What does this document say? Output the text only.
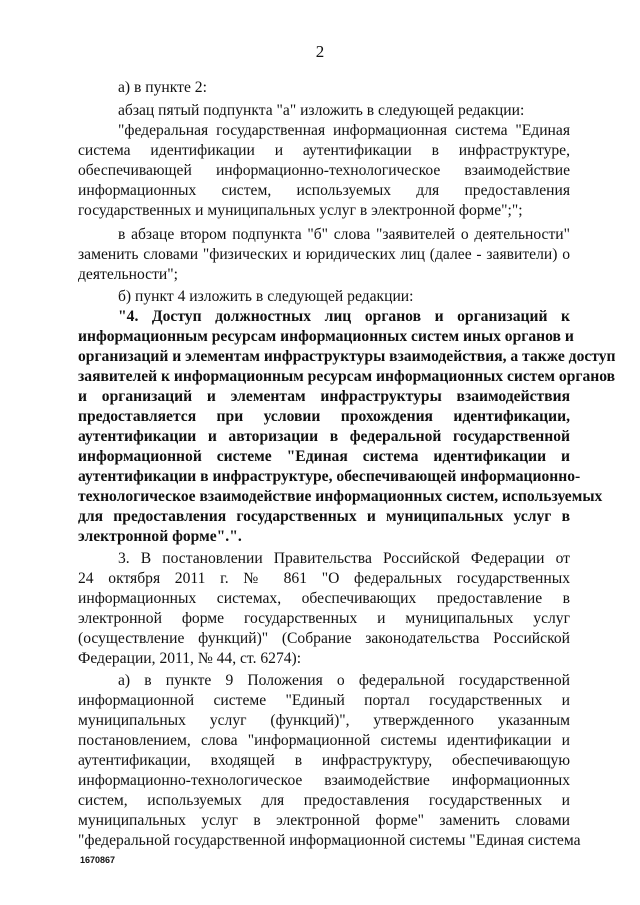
2
а) в пункте 2:
абзац пятый подпункта "а" изложить в следующей редакции:
"федеральная государственная информационная система "Единая
система идентификации и аутентификации в инфраструктуре,
обеспечивающей информационно-технологическое взаимодействие
информационных систем, используемых для предоставления
государственных и муниципальных услуг в электронной форме";";
в абзаце втором подпункта "б" слова "заявителей о деятельности"
заменить словами "физических и юридических лиц (далее - заявители) о
деятельности";
б) пункт 4 изложить в следующей редакции:
"4. Доступ должностных лиц органов и организаций к
информационным ресурсам информационных систем иных органов и
организаций и элементам инфраструктуры взаимодействия, а также доступ
заявителей к информационным ресурсам информационных систем органов
и организаций и элементам инфраструктуры взаимодействия
предоставляется при условии прохождения идентификации,
аутентификации и авторизации в федеральной государственной
информационной системе "Единая система идентификации и
аутентификации в инфраструктуре, обеспечивающей информационно-
технологическое взаимодействие информационных систем, используемых
для предоставления государственных и муниципальных услуг в
электронной форме".".
3. В постановлении Правительства Российской Федерации от
24 октября 2011 г. № 861 "О федеральных государственных
информационных системах, обеспечивающих предоставление в
электронной форме государственных и муниципальных услуг
(осуществление функций)" (Собрание законодательства Российской
Федерации, 2011, № 44, ст. 6274):
а) в пункте 9 Положения о федеральной государственной
информационной системе "Единый портал государственных и
муниципальных услуг (функций)", утвержденного указанным
постановлением, слова "информационной системы идентификации и
аутентификации, входящей в инфраструктуру, обеспечивающую
информационно-технологическое взаимодействие информационных
систем, используемых для предоставления государственных и
муниципальных услуг в электронной форме" заменить словами
"федеральной государственной информационной системы "Единая система
1670867
